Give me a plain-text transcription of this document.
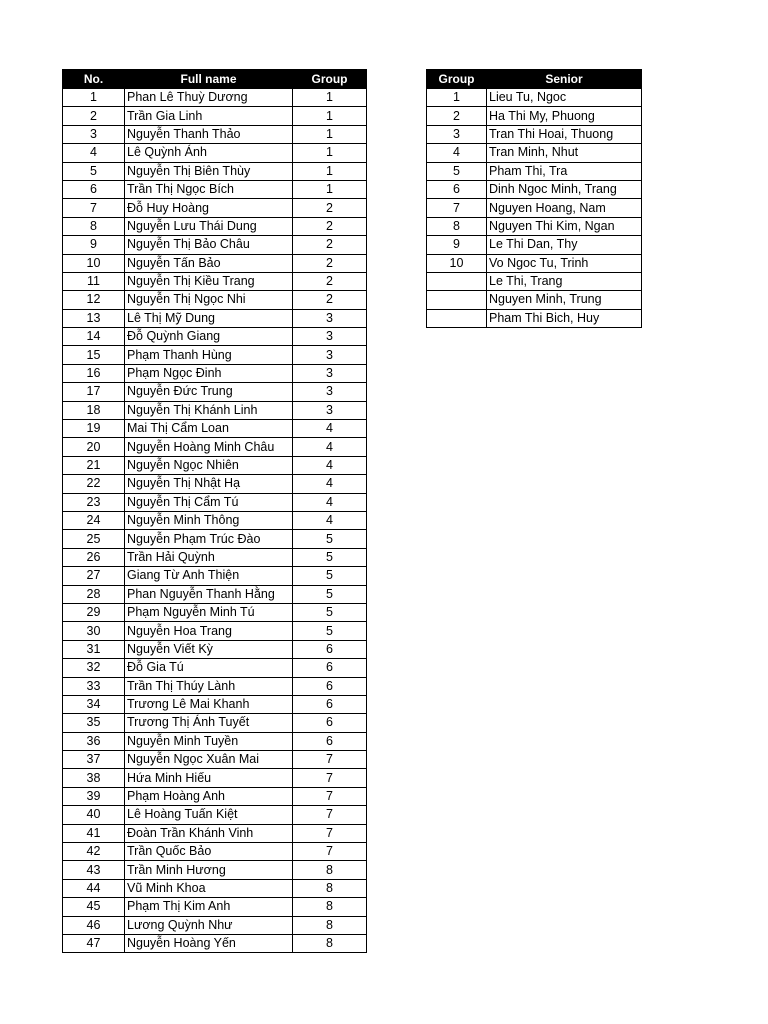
No.	Full name	Group
1	Phan Lê Thuỳ Dương	1
2	Trần Gia Linh	1
3	Nguyễn Thanh Thảo	1
4	Lê Quỳnh Ánh	1
5	Nguyễn Thị Biên Thùy	1
6	Trần Thị Ngọc Bích	1
7	Đỗ Huy Hoàng	2
8	Nguyễn Lưu Thái Dung	2
9	Nguyễn Thị Bảo Châu	2
10	Nguyễn Tấn Bảo	2
11	Nguyễn Thị Kiều Trang	2
12	Nguyễn Thị Ngọc Nhi	2
13	Lê Thị Mỹ Dung	3
14	Đỗ Quỳnh Giang	3
15	Phạm Thanh Hùng	3
16	Phạm Ngọc Đinh	3
17	Nguyễn Đức Trung	3
18	Nguyễn Thị Khánh Linh	3
19	Mai Thị Cẩm Loan	4
20	Nguyễn Hoàng Minh Châu	4
21	Nguyễn Ngọc Nhiên	4
22	Nguyễn Thị Nhật Hạ	4
23	Nguyễn Thị Cẩm Tú	4
24	Nguyễn Minh Thông	4
25	Nguyễn Phạm Trúc Đào	5
26	Trần Hải Quỳnh	5
27	Giang Từ Anh Thiện	5
28	Phan Nguyễn Thanh Hằng	5
29	Phạm Nguyễn Minh Tú	5
30	Nguyễn Hoa Trang	5
31	Nguyễn Viết Kỳ	6
32	Đỗ Gia Tú	6
33	Trần Thị Thúy Lành	6
34	Trương Lê Mai Khanh	6
35	Trương Thị Ánh Tuyết	6
36	Nguyễn Minh Tuyền	6
37	Nguyễn Ngọc Xuân Mai	7
38	Hứa Minh Hiếu	7
39	Phạm Hoàng Anh	7
40	Lê Hoàng Tuấn Kiệt	7
41	Đoàn Trần Khánh Vinh	7
42	Trần Quốc Bảo	7
43	Trần Minh Hương	8
44	Vũ Minh Khoa	8
45	Phạm Thị Kim Anh	8
46	Lương Quỳnh Như	8
47	Nguyễn Hoàng Yến	8
Group	Senior
1	Lieu Tu, Ngoc
2	Ha Thi My, Phuong
3	Tran Thi Hoai, Thuong
4	Tran Minh, Nhut
5	Pham Thi, Tra
6	Dinh Ngoc Minh, Trang
7	Nguyen Hoang, Nam
8	Nguyen Thi Kim, Ngan
9	Le Thi Dan, Thy
10	Vo Ngoc Tu, Trinh
	Le Thi, Trang
	Nguyen Minh, Trung
	Pham Thi Bich, Huy
